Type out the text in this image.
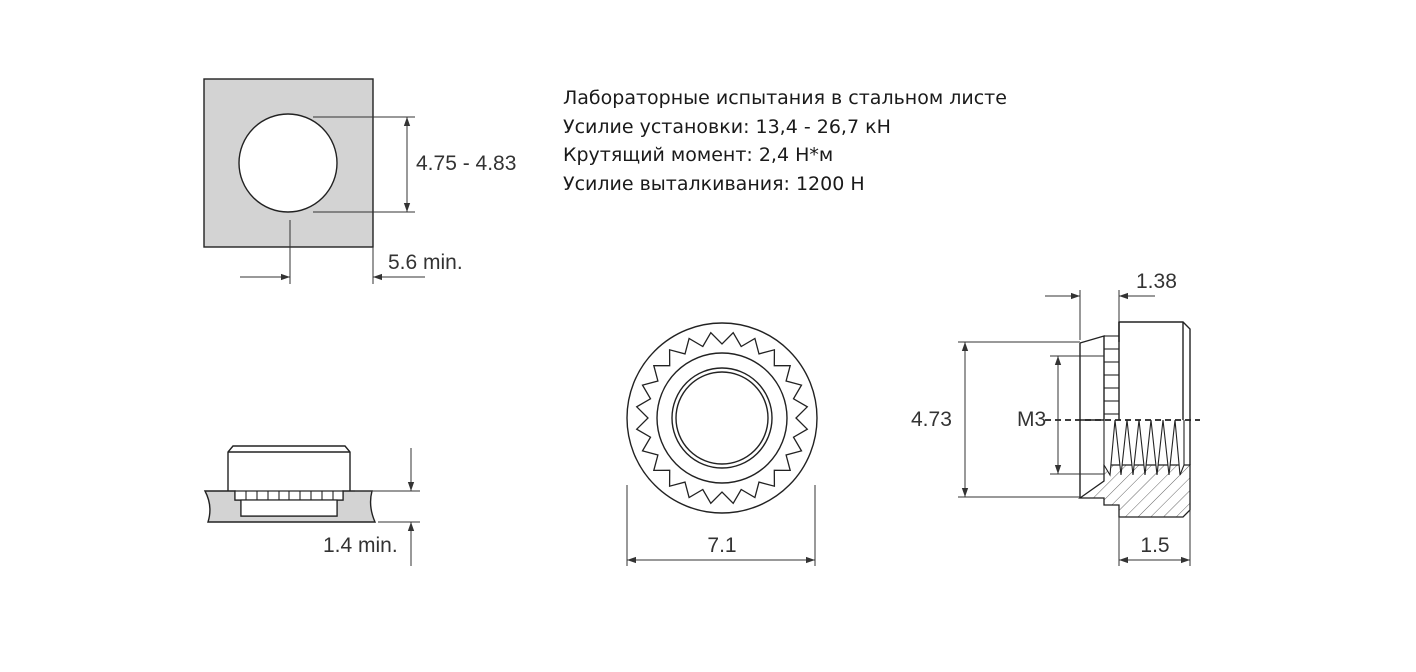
4.75 - 4.83
5.6 min.
1.4 min.	7.1
4.73	M3
1.38
1.5
Лабораторные испытания в стальном листе
Усилие установки: 13,4 - 26,7 кН
Крутящий момент: 2,4 Н*м
Усилие выталкивания: 1200 Н
